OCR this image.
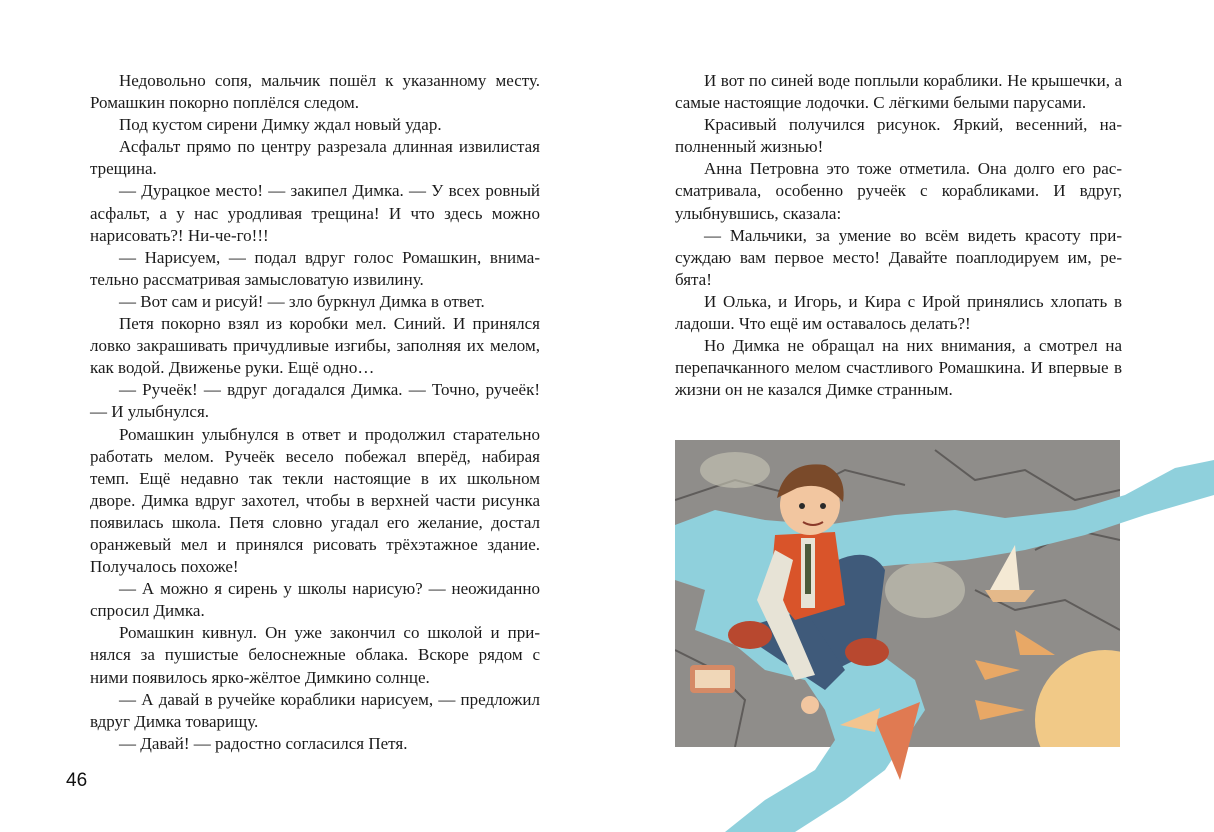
Недовольно сопя, мальчик пошёл к указанному месту. Ромашкин покорно поплёлся следом.

Под кустом сирени Димку ждал новый удар.

Асфальт прямо по центру разрезала длинная извилистая трещина.

— Дурацкое место! — закипел Димка. — У всех ровный асфальт, а у нас уродливая трещина! И что здесь можно нарисовать?! Ни-че-го!!!

— Нарисуем, — подал вдруг голос Ромашкин, внимательно рассматривая замысловатую извилину.

— Вот сам и рисуй! — зло буркнул Димка в ответ.

Петя покорно взял из коробки мел. Синий. И принялся ловко закрашивать причудливые изгибы, заполняя их мелом, как водой. Движенье руки. Ещё одно…

— Ручеёк! — вдруг догадался Димка. — Точно, ручеёк! — И улыбнулся.

Ромашкин улыбнулся в ответ и продолжил старательно работать мелом. Ручеёк весело побежал вперёд, набирая темп. Ещё недавно так текли настоящие в их школьном дворе. Димка вдруг захотел, чтобы в верхней части рисунка появилась школа. Петя словно угадал его желание, достал оранжевый мел и принялся рисовать трёхэтажное здание. Получалось похоже!

— А можно я сирень у школы нарисую? — неожиданно спросил Димка.

Ромашкин кивнул. Он уже закончил со школой и принялся за пушистые белоснежные облака. Вскоре рядом с ними появилось ярко-жёлтое Димкино солнце.

— А давай в ручейке кораблики нарисуем, — предложил вдруг Димка товарищу.

— Давай! — радостно согласился Петя.

И вот по синей воде поплыли кораблики. Не крышечки, а самые настоящие лодочки. С лёгкими белыми парусами.

Красивый получился рисунок. Яркий, весенний, наполненный жизнью!

Анна Петровна это тоже отметила. Она долго его рассматривала, особенно ручеёк с корабликами. И вдруг, улыбнувшись, сказала:

— Мальчики, за умение во всём видеть красоту присуждаю вам первое место! Давайте поаплодируем им, ребята!

И Олька, и Игорь, и Кира с Ирой принялись хлопать в ладоши. Что ещё им оставалось делать?!

Но Димка не обращал на них внимания, а смотрел на перепачканного мелом счастливого Ромашкина. И впервые в жизни он не казался Димке странным.

46
